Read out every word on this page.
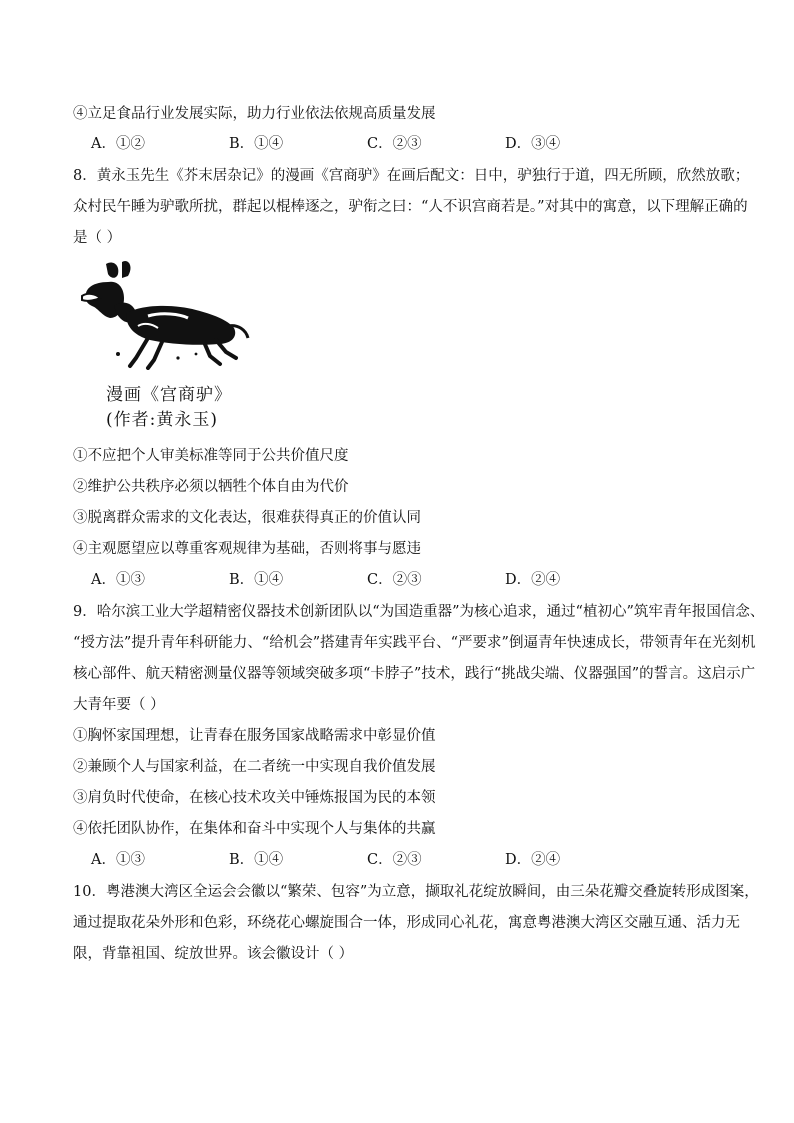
④立足食品行业发展实际，助力行业依法依规高质量发展
A．①②	B．①④	C．②③	D．③④
8．黄永玉先生《芥末居杂记》的漫画《宫商驴》在画后配文：日中，驴独行于道，四无所顾，欣然放歌；
众村民午睡为驴歌所扰，群起以棍棒逐之，驴衔之曰：“人不识宫商若是。”对其中的寓意，以下理解正确的
是（ ）
漫画《宫商驴》
(作者:黄永玉)
①不应把个人审美标准等同于公共价值尺度
②维护公共秩序必须以牺牲个体自由为代价
③脱离群众需求的文化表达，很难获得真正的价值认同
④主观愿望应以尊重客观规律为基础，否则将事与愿违
A．①③	B．①④	C．②③	D．②④
9．哈尔滨工业大学超精密仪器技术创新团队以“为国造重器”为核心追求，通过“植初心”筑牢青年报国信念、
“授方法”提升青年科研能力、“给机会”搭建青年实践平台、“严要求”倒逼青年快速成长，带领青年在光刻机
核心部件、航天精密测量仪器等领域突破多项“卡脖子”技术，践行“挑战尖端、仪器强国”的誓言。这启示广
大青年要（ ）
①胸怀家国理想，让青春在服务国家战略需求中彰显价值
②兼顾个人与国家利益，在二者统一中实现自我价值发展
③肩负时代使命，在核心技术攻关中锤炼报国为民的本领
④依托团队协作，在集体和奋斗中实现个人与集体的共赢
A．①③	B．①④	C．②③	D．②④
10．粤港澳大湾区全运会会徽以“繁荣、包容”为立意，撷取礼花绽放瞬间，由三朵花瓣交叠旋转形成图案，
通过提取花朵外形和色彩，环绕花心螺旋围合一体，形成同心礼花，寓意粤港澳大湾区交融互通、活力无
限，背靠祖国、绽放世界。该会徽设计（ ）
